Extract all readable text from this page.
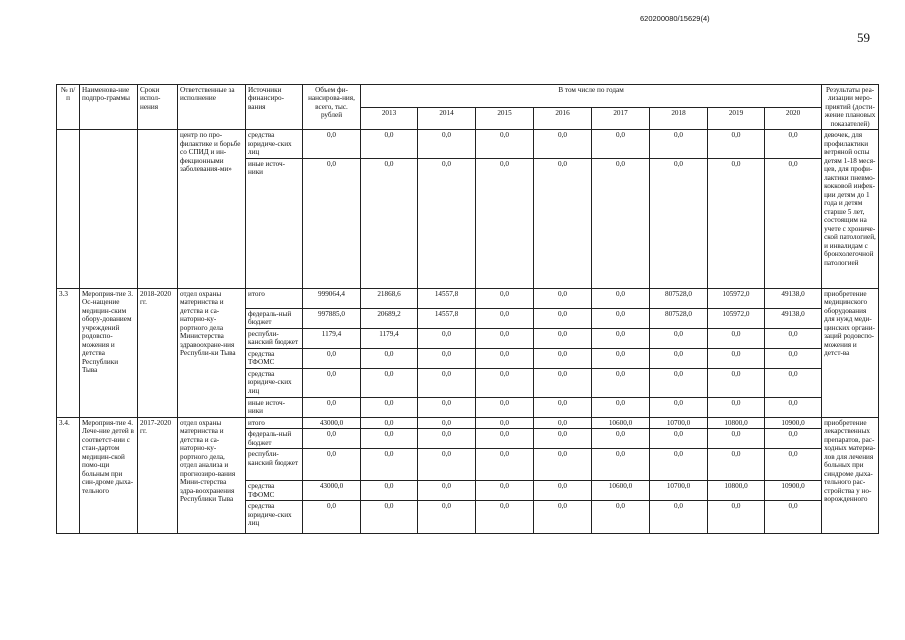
620200080/15629(4)
59
№ п/п	Наименова-ние подпро-граммы	Сроки испол-нения	Ответственные за исполнение	Источники финансиро-вания	Объем фи-нансирова-ния, всего, тыс. рублей	В том числе по годам								Результаты реа-лизации меро-приятий (дости-жение плановых показателей)
						2013	2014	2015	2016	2017	2018	2019	2020	
			центр по про-филактике и борьбе со СПИД и ин-фекционными заболевания-ми»	средства юридиче-ских лиц	0,0	0,0	0,0	0,0	0,0	0,0	0,0	0,0	0,0	девочек, для профилактики ветряной оспы детям 1-18 меся-цев, для профи-лактики пневмо-кокковой инфек-ции детям до 1 года и детям старше 5 лет, состоящим на учете с хрониче-ской патологией, и инвалидам с бронхолегочной патологией
				иные источ-ники	0,0	0,0	0,0	0,0	0,0	0,0	0,0	0,0	0,0	
3.3	Мероприя-тие 3. Ос-нащение медицин-ским обору-дованием учреждений родовспо-можения и детства Республики Тыва	2018-2020 гг.	отдел охраны материнства и детства и са-наторно-ку-рортного дела Министерства здравоохране-ния Республи-ки Тыва	итого	999064,4	21868,6	14557,8	0,0	0,0	0,0	807528,0	105972,0	49138,0	приобретение медицинского оборудования для нужд меди-цинских органи-заций родовспо-можения и детст-ва
				федераль-ный бюджет	997885,0	20689,2	14557,8	0,0	0,0	0,0	807528,0	105972,0	49138,0	
				республи-канский бюджет	1179,4	1179,4	0,0	0,0	0,0	0,0	0,0	0,0	0,0	
				средства ТФОМС	0,0	0,0	0,0	0,0	0,0	0,0	0,0	0,0	0,0	
				средства юридиче-ских лиц	0,0	0,0	0,0	0,0	0,0	0,0	0,0	0,0	0,0	
				иные источ-ники	0,0	0,0	0,0	0,0	0,0	0,0	0,0	0,0	0,0	
3.4.	Мероприя-тие 4. Лече-ние детей в соответст-вии с стан-дартом медицин-ской помо-щи больным при син-дроме дыха-тельного	2017-2020 гг.	отдел охраны материнства и детства и са-наторно-ку-рортного дела, отдел анализа и прогнозиро-вания Мини-стерства здра-воохранения Республики Тыва	итого	43000,0	0,0	0,0	0,0	0,0	10600,0	10700,0	10800,0	10900,0	приобретение лекарственных препаратов, рас-ходных материа-лов для лечения больных при синдроме дыха-тельного рас-стройства у но-ворожденного
				федераль-ный бюджет	0,0	0,0	0,0	0,0	0,0	0,0	0,0	0,0	0,0	
				республи-канский бюджет	0,0	0,0	0,0	0,0	0,0	0,0	0,0	0,0	0,0	
				средства ТФОМС	43000,0	0,0	0,0	0,0	0,0	10600,0	10700,0	10800,0	10900,0	
				средства юридиче-ских лиц	0,0	0,0	0,0	0,0	0,0	0,0	0,0	0,0	0,0	
